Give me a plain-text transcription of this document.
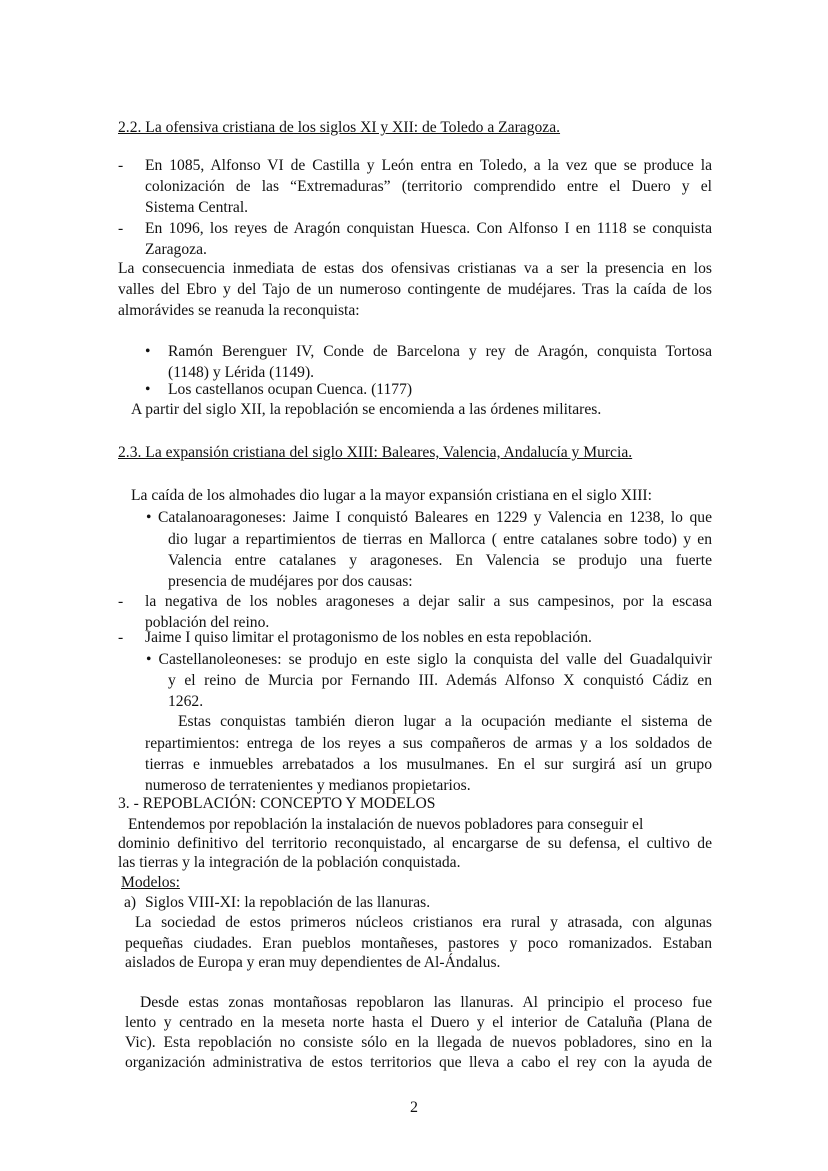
2.2. La ofensiva cristiana de los siglos XI y XII: de Toledo a Zaragoza.
- En 1085, Alfonso VI de Castilla y León entra en Toledo, a la vez que se produce la
colonización de las “Extremaduras” (territorio comprendido entre el Duero y el
Sistema Central.
- En 1096, los reyes de Aragón conquistan Huesca. Con Alfonso I en 1118 se conquista
Zaragoza.
La consecuencia inmediata de estas dos ofensivas cristianas va a ser la presencia en los
valles del Ebro y del Tajo de un numeroso contingente de mudéjares. Tras la caída de los
almorávides se reanuda la reconquista:
• Ramón Berenguer IV, Conde de Barcelona y rey de Aragón, conquista Tortosa
(1148) y Lérida (1149).
• Los castellanos ocupan Cuenca. (1177)
A partir del siglo XII, la repoblación se encomienda a las órdenes militares.
2.3. La expansión cristiana del siglo XIII: Baleares, Valencia, Andalucía y Murcia.
La caída de los almohades dio lugar a la mayor expansión cristiana en el siglo XIII:
• Catalanoaragoneses: Jaime I conquistó Baleares en 1229 y Valencia en 1238, lo que
dio lugar a repartimientos de tierras en Mallorca ( entre catalanes sobre todo) y en
Valencia entre catalanes y aragoneses. En Valencia se produjo una fuerte
presencia de mudéjares por dos causas:
- la negativa de los nobles aragoneses a dejar salir a sus campesinos, por la escasa
población del reino.
- Jaime I quiso limitar el protagonismo de los nobles en esta repoblación.
• Castellanoleoneses: se produjo en este siglo la conquista del valle del Guadalquivir
y el reino de Murcia por Fernando III. Además Alfonso X conquistó Cádiz en
1262.
Estas conquistas también dieron lugar a la ocupación mediante el sistema de
repartimientos: entrega de los reyes a sus compañeros de armas y a los soldados de
tierras e inmuebles arrebatados a los musulmanes. En el sur surgirá así un grupo
numeroso de terratenientes y medianos propietarios.
3. - REPOBLACIÓN: CONCEPTO Y MODELOS
Entendemos por repoblación la instalación de nuevos pobladores para conseguir el
dominio definitivo del territorio reconquistado, al encargarse de su defensa, el cultivo de
las tierras y la integración de la población conquistada.
Modelos:
a) Siglos VIII-XI: la repoblación de las llanuras.
La sociedad de estos primeros núcleos cristianos era rural y atrasada, con algunas
pequeñas ciudades. Eran pueblos montañeses, pastores y poco romanizados. Estaban
aislados de Europa y eran muy dependientes de Al-Ándalus.
Desde estas zonas montañosas repoblaron las llanuras. Al principio el proceso fue
lento y centrado en la meseta norte hasta el Duero y el interior de Cataluña (Plana de
Vic). Esta repoblación no consiste sólo en la llegada de nuevos pobladores, sino en la
organización administrativa de estos territorios que lleva a cabo el rey con la ayuda de
2
